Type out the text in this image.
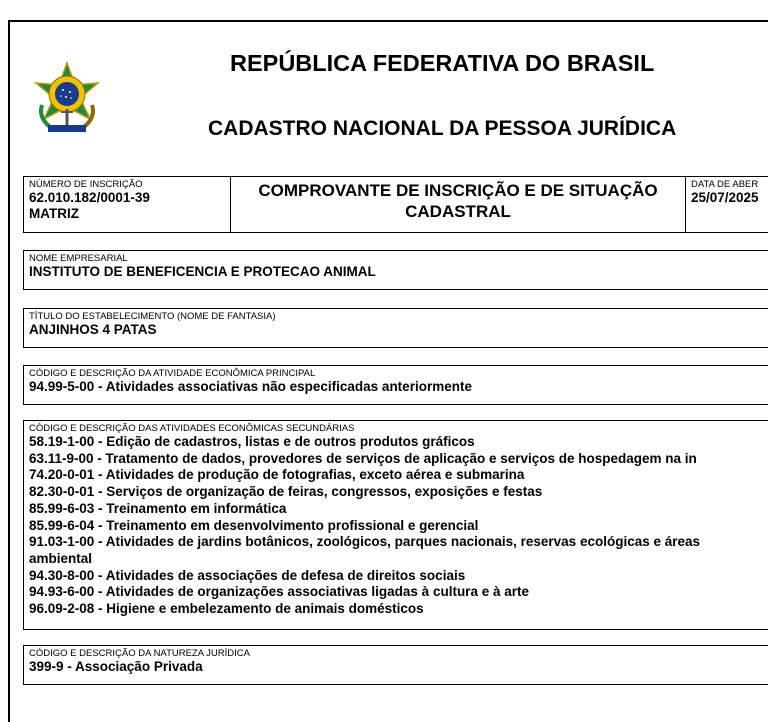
REPÚBLICA FEDERATIVA DO BRASIL
CADASTRO NACIONAL DA PESSOA JURÍDICA
NÚMERO DE INSCRIÇÃO
62.010.182/0001-39
MATRIZ
COMPROVANTE DE INSCRIÇÃO E DE SITUAÇÃO
CADASTRAL
DATA DE ABER
25/07/2025
NOME EMPRESARIAL
INSTITUTO DE BENEFICENCIA E PROTECAO ANIMAL
TÍTULO DO ESTABELECIMENTO (NOME DE FANTASIA)
ANJINHOS 4 PATAS
CÓDIGO E DESCRIÇÃO DA ATIVIDADE ECONÔMICA PRINCIPAL
94.99-5-00 - Atividades associativas não especificadas anteriormente
CÓDIGO E DESCRIÇÃO DAS ATIVIDADES ECONÔMICAS SECUNDÁRIAS
58.19-1-00 - Edição de cadastros, listas e de outros produtos gráficos
63.11-9-00 - Tratamento de dados, provedores de serviços de aplicação e serviços de hospedagem na in
74.20-0-01 - Atividades de produção de fotografias, exceto aérea e submarina
82.30-0-01 - Serviços de organização de feiras, congressos, exposições e festas
85.99-6-03 - Treinamento em informática
85.99-6-04 - Treinamento em desenvolvimento profissional e gerencial
91.03-1-00 - Atividades de jardins botânicos, zoológicos, parques nacionais, reservas ecológicas e áreas
ambiental
94.30-8-00 - Atividades de associações de defesa de direitos sociais
94.93-6-00 - Atividades de organizações associativas ligadas à cultura e à arte
96.09-2-08 - Higiene e embelezamento de animais domésticos
CÓDIGO E DESCRIÇÃO DA NATUREZA JURÍDICA
399-9 - Associação Privada
